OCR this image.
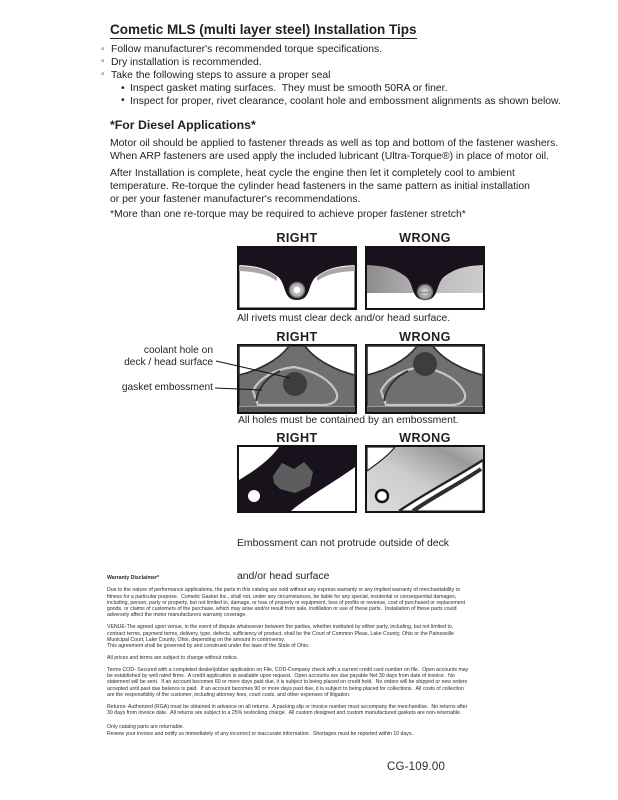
Cometic MLS (multi layer steel) Installation Tips
◦ Follow manufacturer's recommended torque specifications.
◦ Dry installation is recommended.
◦ Take the following steps to assure a proper seal
• Inspect gasket mating surfaces.  They must be smooth 50RA or finer.
• Inspect for proper, rivet clearance, coolant hole and embossment alignments as shown below.
*For Diesel Applications*
Motor oil should be applied to fastener threads as well as top and bottom of the fastener washers.
When ARP fasteners are used apply the included lubricant (Ultra-Torque®) in place of motor oil.
After Installation is complete, heat cycle the engine then let it completely cool to ambient
temperature. Re-torque the cylinder head fasteners in the same pattern as initial installation
or per your fastener manufacturer's recommendations.
*More than one re-torque may be required to achieve proper fastener stretch*
RIGHT	WRONG
All rivets must clear deck and/or head surface.
RIGHT	WRONG
coolant hole on
deck / head surface
gasket embossment
All holes must be contained by an embossment.
RIGHT	WRONG

Embossment can not protrude outside of deck

and/or head surface

Warranty Disclaimer*
Due to the nature of performance applications, the parts in this catalog are sold without any express warranty or any implied warranty of merchantability or
fitness for a particular purpose.  Cometic Gasket Inc., shall not, under any circumstances, be liable for any special, incidental or consequential damages,
including, person, party or property, but not limited to, damage, or loss of property or equipment, loss of profits or revenue, cost of purchased or replacement
goods, or claims of customers of the purchase, which may arise and/or result from sale, instillation or use of these parts.  Installation of these parts could
adversely affect the motor manufacturers warranty coverage.
VENUE-The agreed upon venue, in the event of dispute whatsoever between the parties, whether instituted by either party, including, but not limited to,
contract terms, payment terms, delivery, type, defects, sufficiency of product, shall be the Court of Common Pleas, Lake County, Ohio or the Painesville
Municipal Court, Lake County, Ohio, depending on the amount in controversy.
This agreement shall be governed by and construed under the laws of the State of Ohio.
All prices and terms are subject to change without notice.
Terms COD- Secured with a completed dealer/jobber application on File, COD-Company check with a current credit card number on file.  Open accounts may
be established by well rated firms.  A credit application is available upon request.  Open accounts are due payable Net 30 days from date of invoice.  No
statement will be sent.  If an account becomes 60 or more days past due, it is subject to being placed on credit hold.  No orders will be shipped or new orders
accepted until past due balance is paid.  If an account becomes 90 or more days past due, it is subject to being placed for collections.  All costs of collection
are the responsibility of the customer, including attorney fees, court costs, and other expenses of litigation.
Returns- Authorized (RGA) must be obtained in advance on all returns.  A packing slip or invoice number must accompany the merchandise.  No returns after
30 days from invoice date.  All returns are subject to a 25% restocking charge.  All custom designed and custom manufactured gaskets are non-returnable.
Only catalog parts are returnable.
Review your invoice and notify us immediately of any incorrect or inaccurate information.  Shortages must be reported within 10 days.
CG-109.00
